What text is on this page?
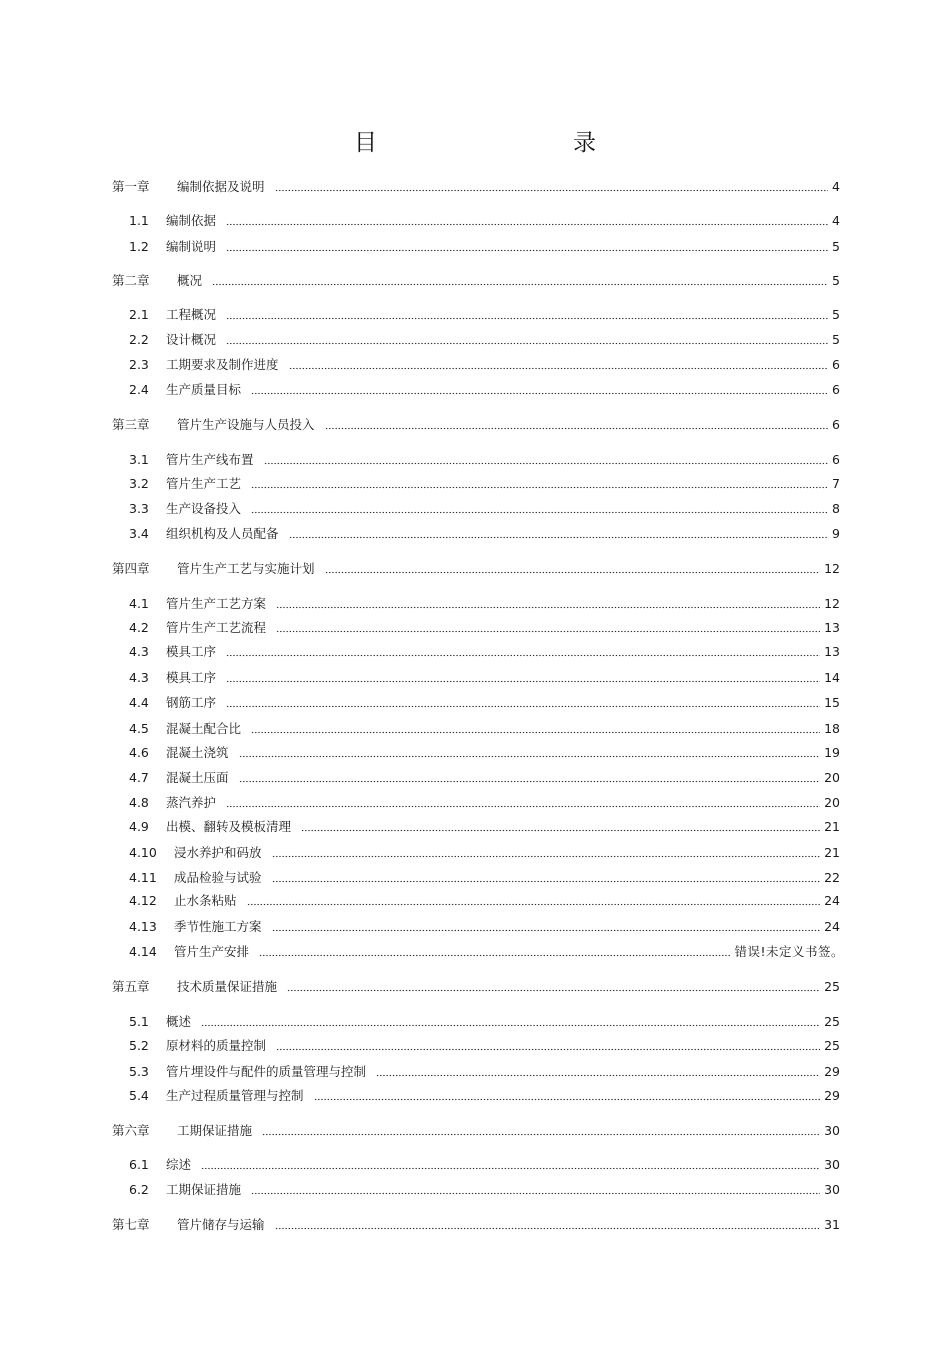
目　　录
第一章	编制依据及说明	4
1.1	编制依据	4
1.2	编制说明	5
第二章	概况	5
2.1	工程概况	5
2.2	设计概况	5
2.3	工期要求及制作进度	6
2.4	生产质量目标	6
第三章	管片生产设施与人员投入	6
3.1	管片生产线布置	6
3.2	管片生产工艺	7
3.3	生产设备投入	8
3.4	组织机构及人员配备	9
第四章	管片生产工艺与实施计划	12
4.1	管片生产工艺方案	12
4.2	管片生产工艺流程	13
4.3	模具工序	13
4.3	模具工序	14
4.4	钢筋工序	15
4.5	混凝土配合比	18
4.6	混凝土浇筑	19
4.7	混凝土压面	20
4.8	蒸汽养护	20
4.9	出模、翻转及模板清理	21
4.10	浸水养护和码放	21
4.11	成品检验与试验	22
4.12	止水条粘贴	24
4.13	季节性施工方案	24
4.14	管片生产安排	错误!未定义书签。
第五章	技术质量保证措施	25
5.1	概述	25
5.2	原材料的质量控制	25
5.3	管片埋设件与配件的质量管理与控制	29
5.4	生产过程质量管理与控制	29
第六章	工期保证措施	30
6.1	综述	30
6.2	工期保证措施	30
第七章	管片储存与运输	31
